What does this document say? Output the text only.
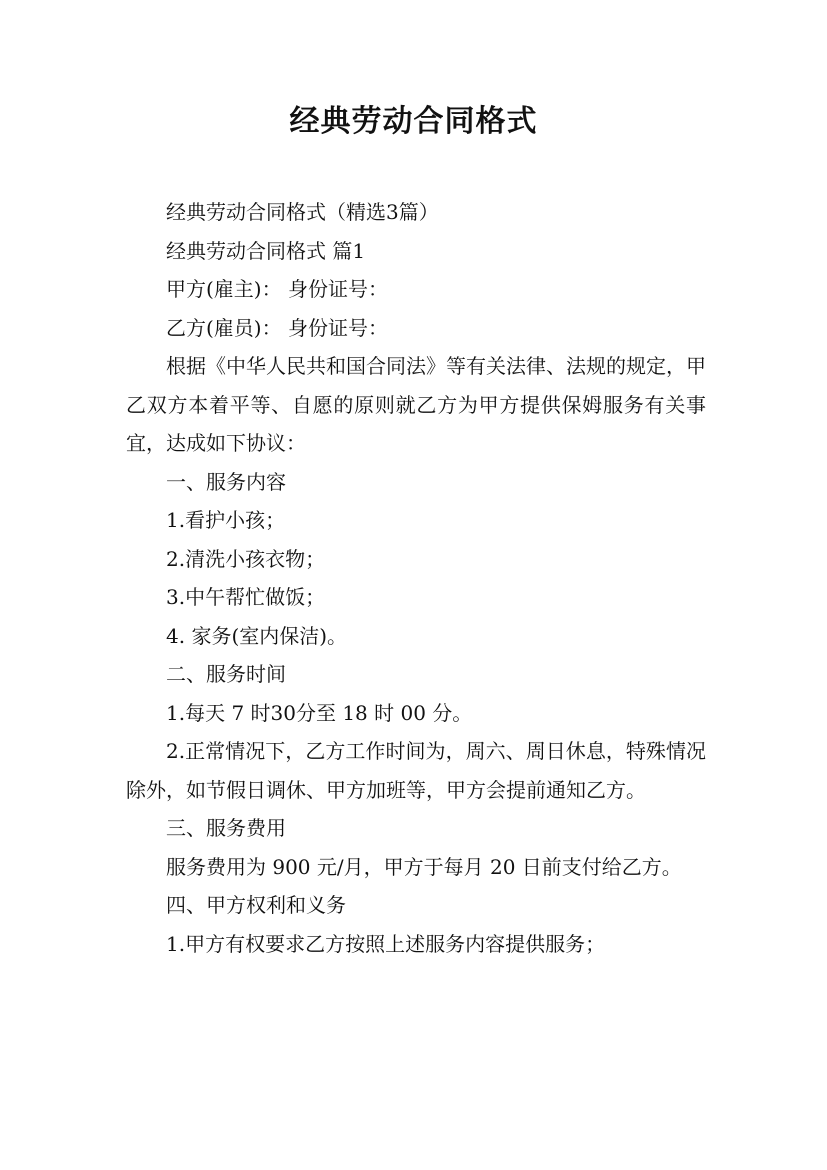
经典劳动合同格式

经典劳动合同格式（精选3篇）

经典劳动合同格式 篇1

甲方(雇主)： 身份证号：

乙方(雇员)： 身份证号：

根据《中华人民共和国合同法》等有关法律、法规的规定，甲乙双方本着平等、自愿的原则就乙方为甲方提供保姆服务有关事宜，达成如下协议：

一、服务内容

1.看护小孩；

2.清洗小孩衣物；

3.中午帮忙做饭；

4. 家务(室内保洁)。

二、服务时间

1.每天 7 时30分至 18 时 00 分。

2.正常情况下，乙方工作时间为，周六、周日休息，特殊情况除外，如节假日调休、甲方加班等，甲方会提前通知乙方。

三、服务费用

服务费用为 900 元/月，甲方于每月 20 日前支付给乙方。

四、甲方权利和义务

1.甲方有权要求乙方按照上述服务内容提供服务；
